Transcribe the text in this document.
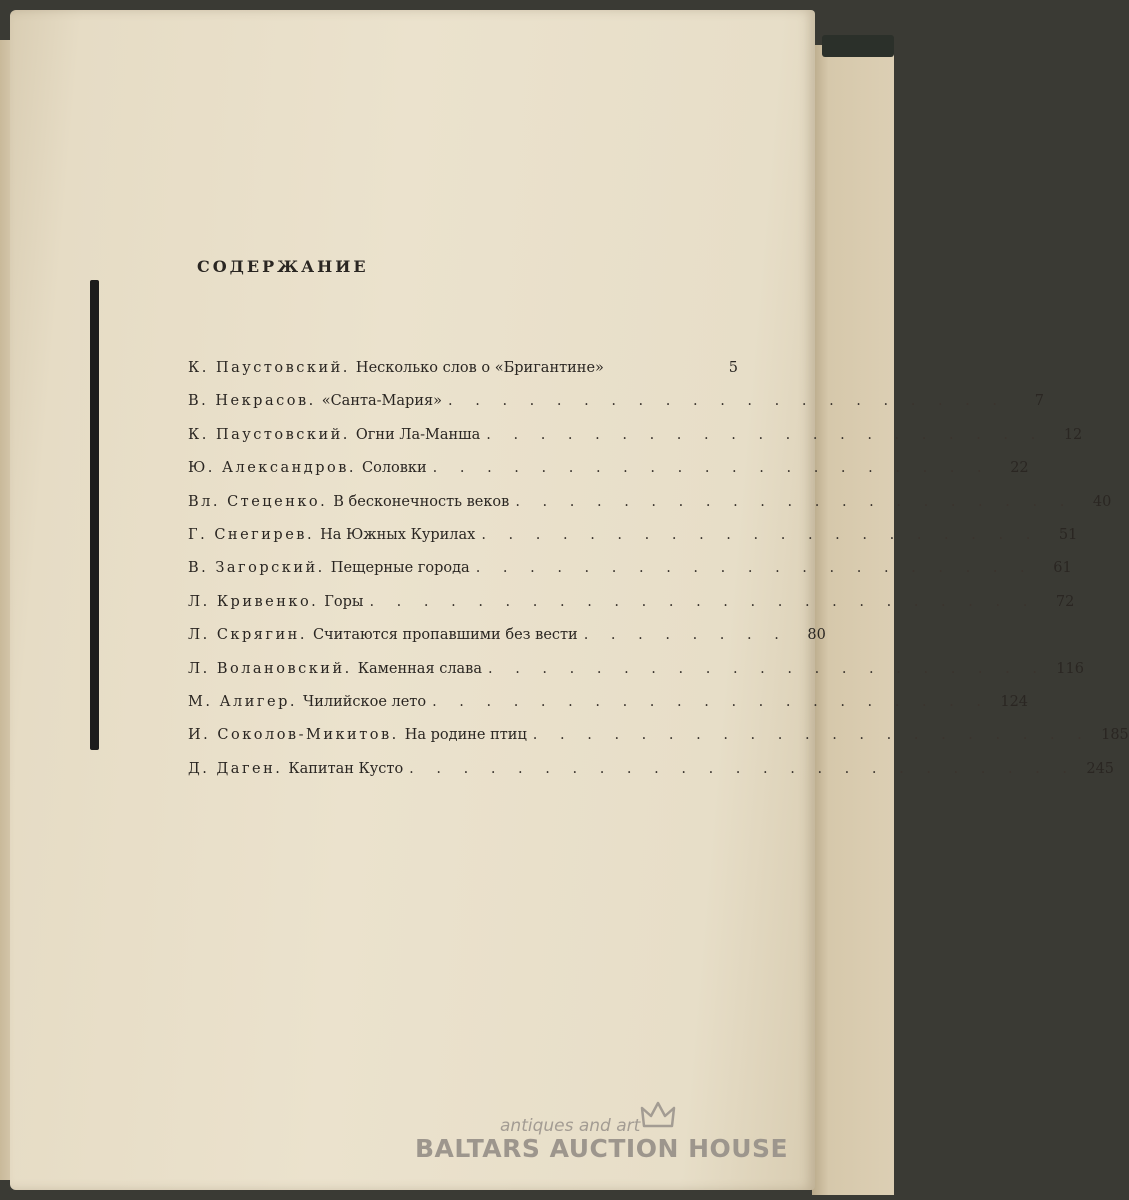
СОДЕРЖАНИЕ
К. Паустовский. Несколько слов о «Бригантине»	5
В. Некрасов. «Санта-Мария» . . . . . . . . . . . . . . . . . . . . .	7
К. Паустовский. Огни Ла-Манша . . . . . . . . . . . . . . . . . . . . .	12
Ю. Александров. Соловки . . . . . . . . . . . . . . . . . . . . .	22
Вл. Стеценко. В бесконечность веков . . . . . . . . . . . . . . . . . . . . .	40
Г. Снегирев. На Южных Курилах . . . . . . . . . . . . . . . . . . . . .	51
В. Загорский. Пещерные города . . . . . . . . . . . . . . . . . . . . .	61
Л. Кривенко. Горы . . . . . . . . . . . . . . . . . . . . . . . . .	72
Л. Скрягин. Считаются пропавшими без вести . . . . . . . .	80
Л. Волановский. Каменная слава . . . . . . . . . . . . . . . . . . . . . 116
М. Алигер. Чилийское лето . . . . . . . . . . . . . . . . . . . . . 124
И. Соколов-Микитов. На родине птиц . . . . . . . . . . . . . . . . . . . . . 185
Д. Даген. Капитан Кусто . . . . . . . . . . . . . . . . . . . . . . . . . 245
antiques and art
BALTARS AUCTION HOUSE
